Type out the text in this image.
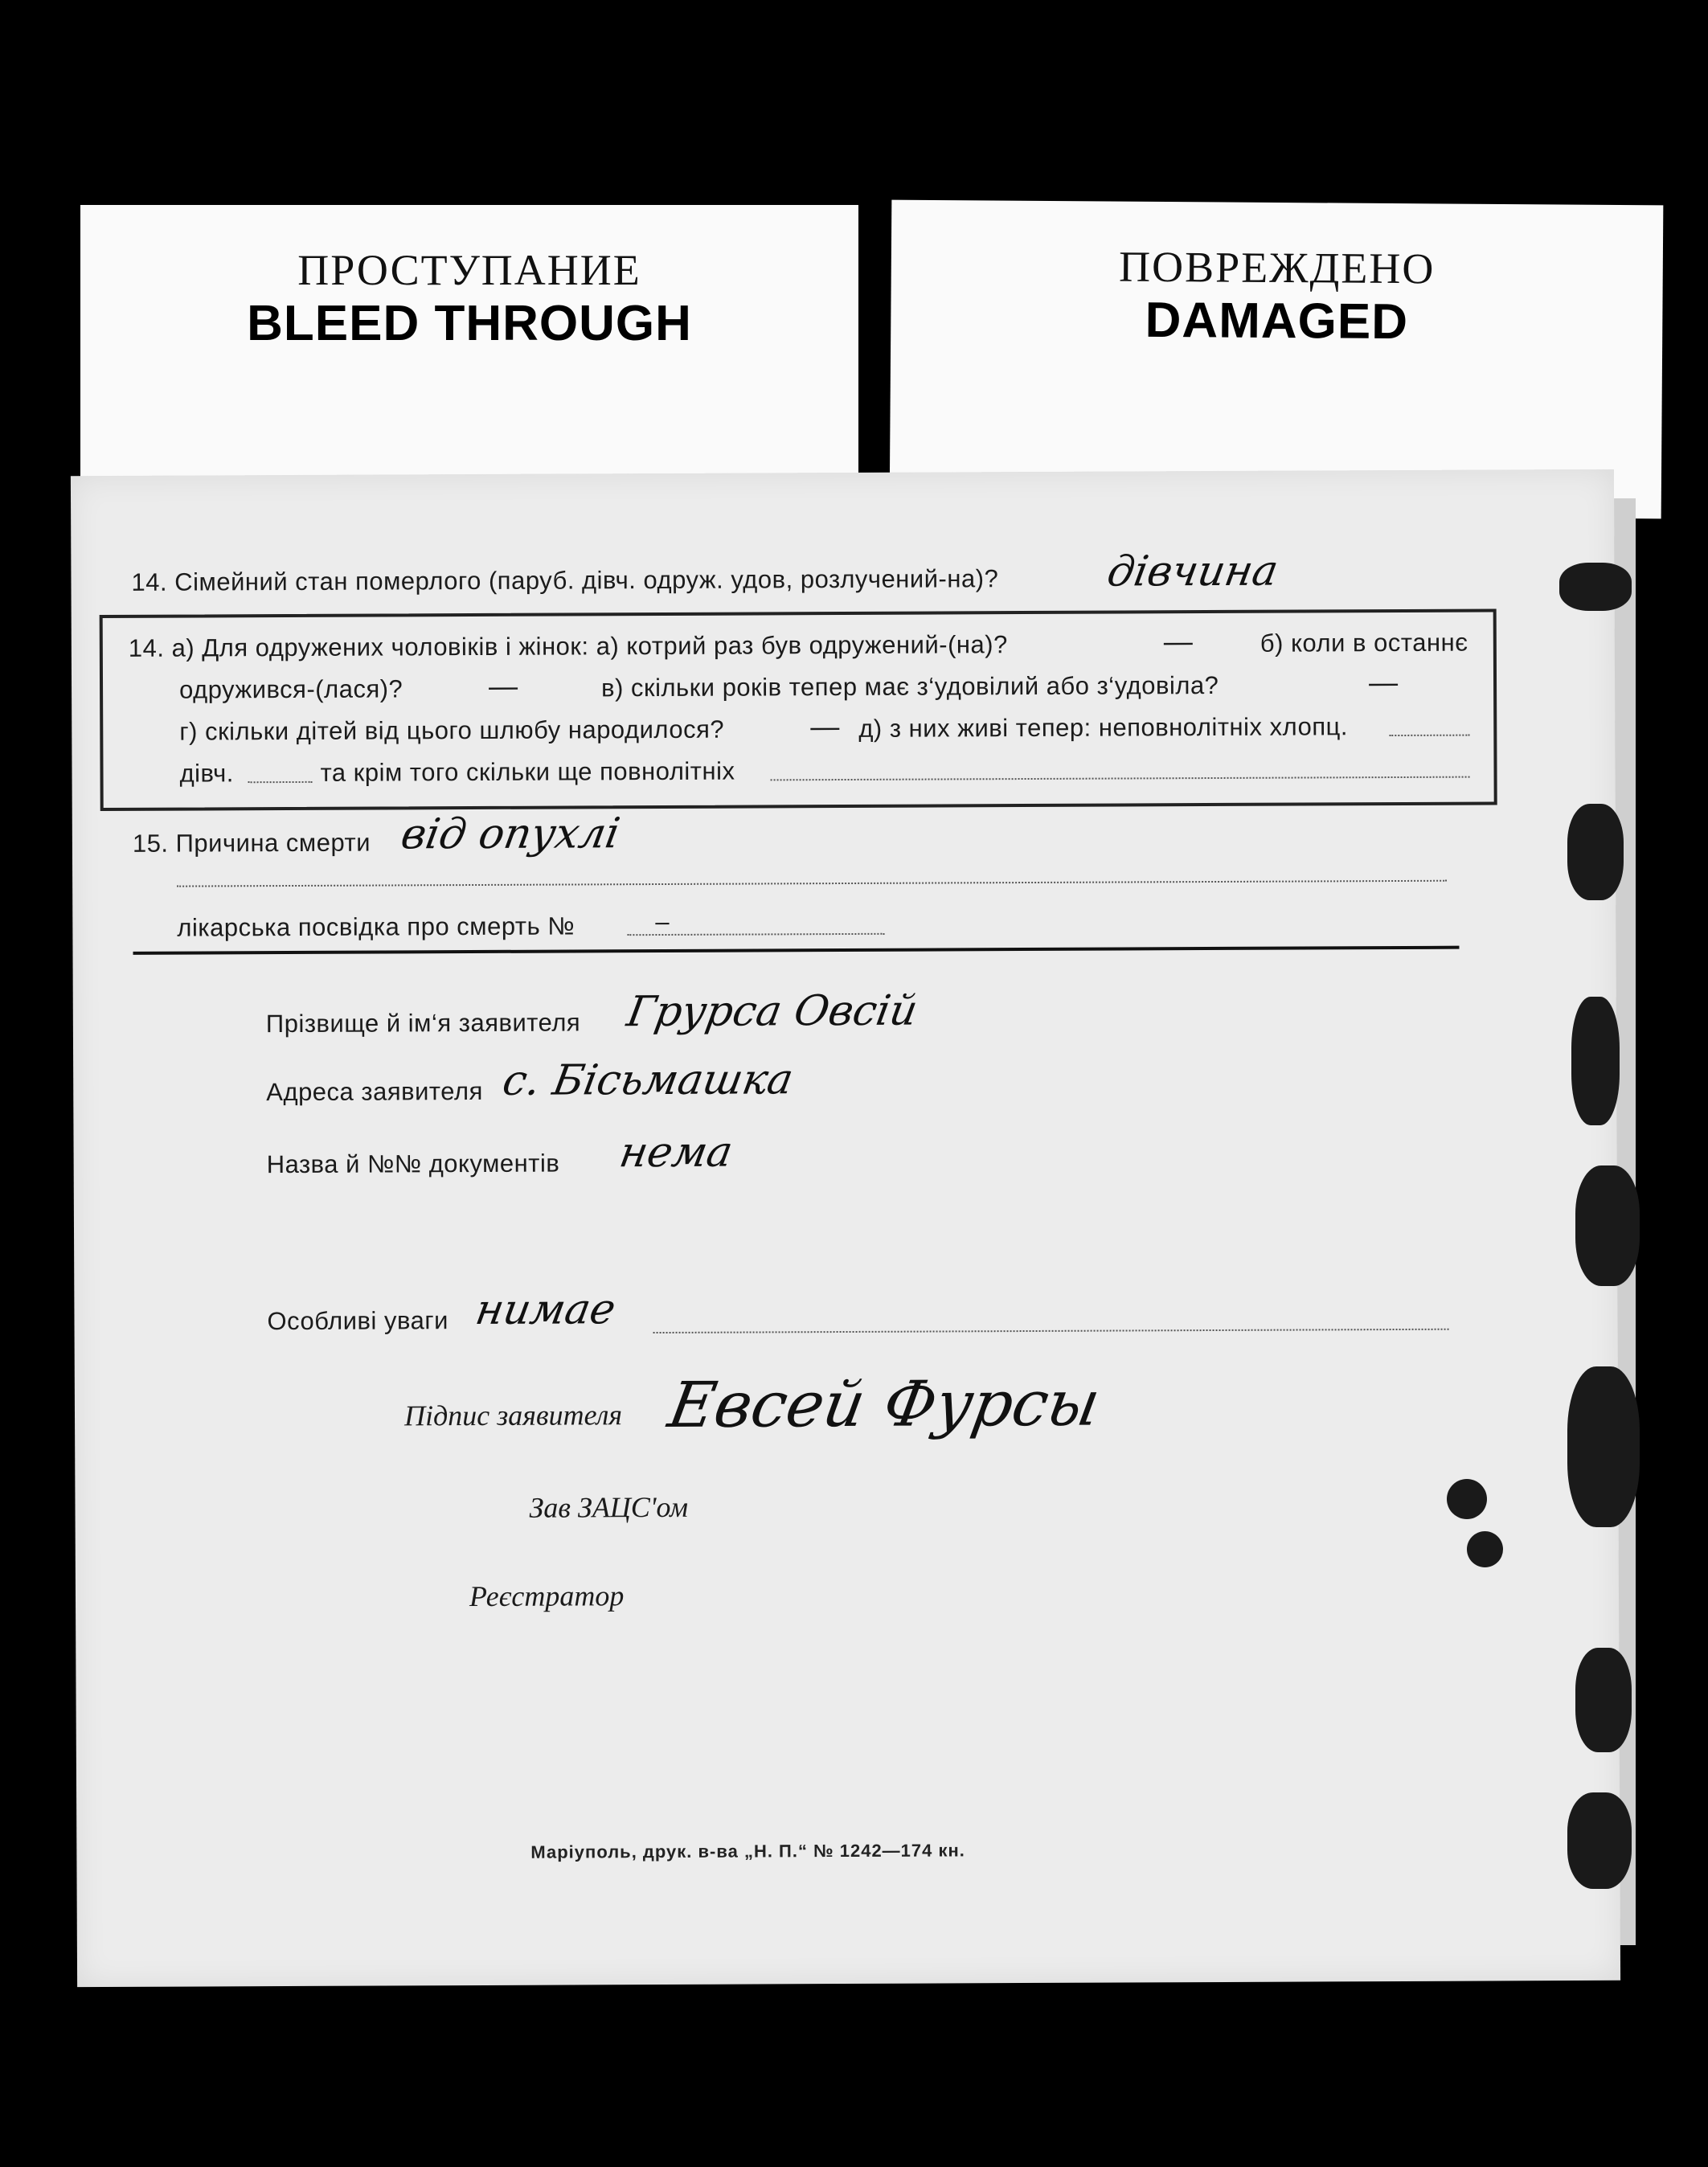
ПРОСТУПАНИЕ
BLEED THROUGH
ПОВРЕЖДЕНО
DAMAGED
14. Сімейний стан померлого (паруб. дівч. одруж. удов, розлучений-на)?	дівчина
14. а) Для одружених чоловіків і жінок: а) котрий раз був одружений-(на)?	—	б) коли в останнє
одружився-(лася)?	—	в) скільки років тепер має з‘удовілий або з‘удовіла?	—
г) скільки дітей від цього шлюбу народилося?	— д) з них живі тепер: неповнолітніх хлопц.
дівч.	та крім того скільки ще повнолітніх
15. Причина смерти від опухлі
лікарська посвідка про смерть №	–
Прізвище й ім‘я заявителя Грурса Овсій
Адреса заявителя с. Бісьмашка
Назва й №№ документів нема
Особливі уваги нимае
Підпис заявителя Евсей Фурсы
Зав ЗАЦС'ом
Реєстратор
Маріуполь, друк. в-ва „Н. П.“ № 1242—174 кн.
